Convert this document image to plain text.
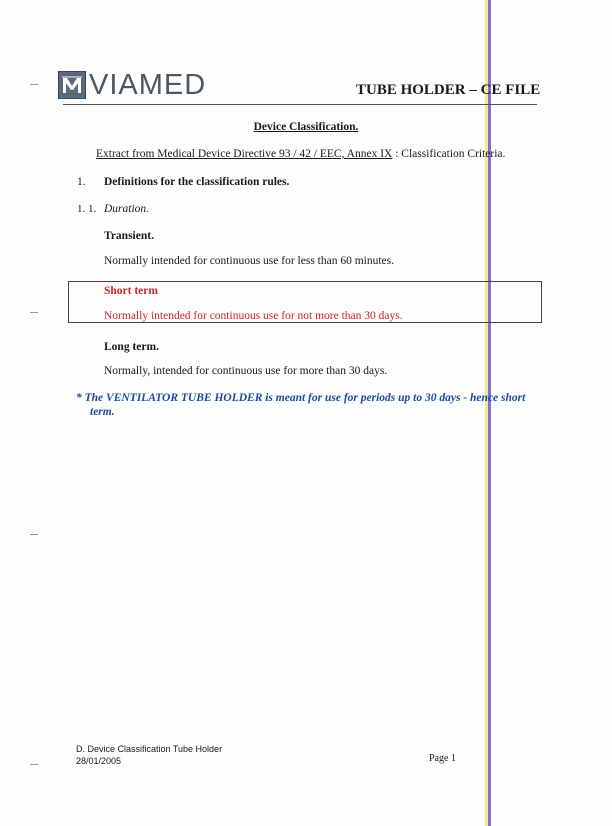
VIAMED	TUBE HOLDER – CE FILE
Device Classification.
Extract from Medical Device Directive 93 / 42 / EEC, Annex IX : Classification Criteria.
1. Definitions for the classification rules.
1. 1. Duration.
Transient.
Normally intended for continuous use for less than 60 minutes.
Short term
Normally intended for continuous use for not more than 30 days.
Long term.
Normally, intended for continuous use for more than 30 days.
* The VENTILATOR TUBE HOLDER is meant for use for periods up to 30 days - hence short
term.
D. Device Classification Tube Holder
28/01/2005	Page 1
